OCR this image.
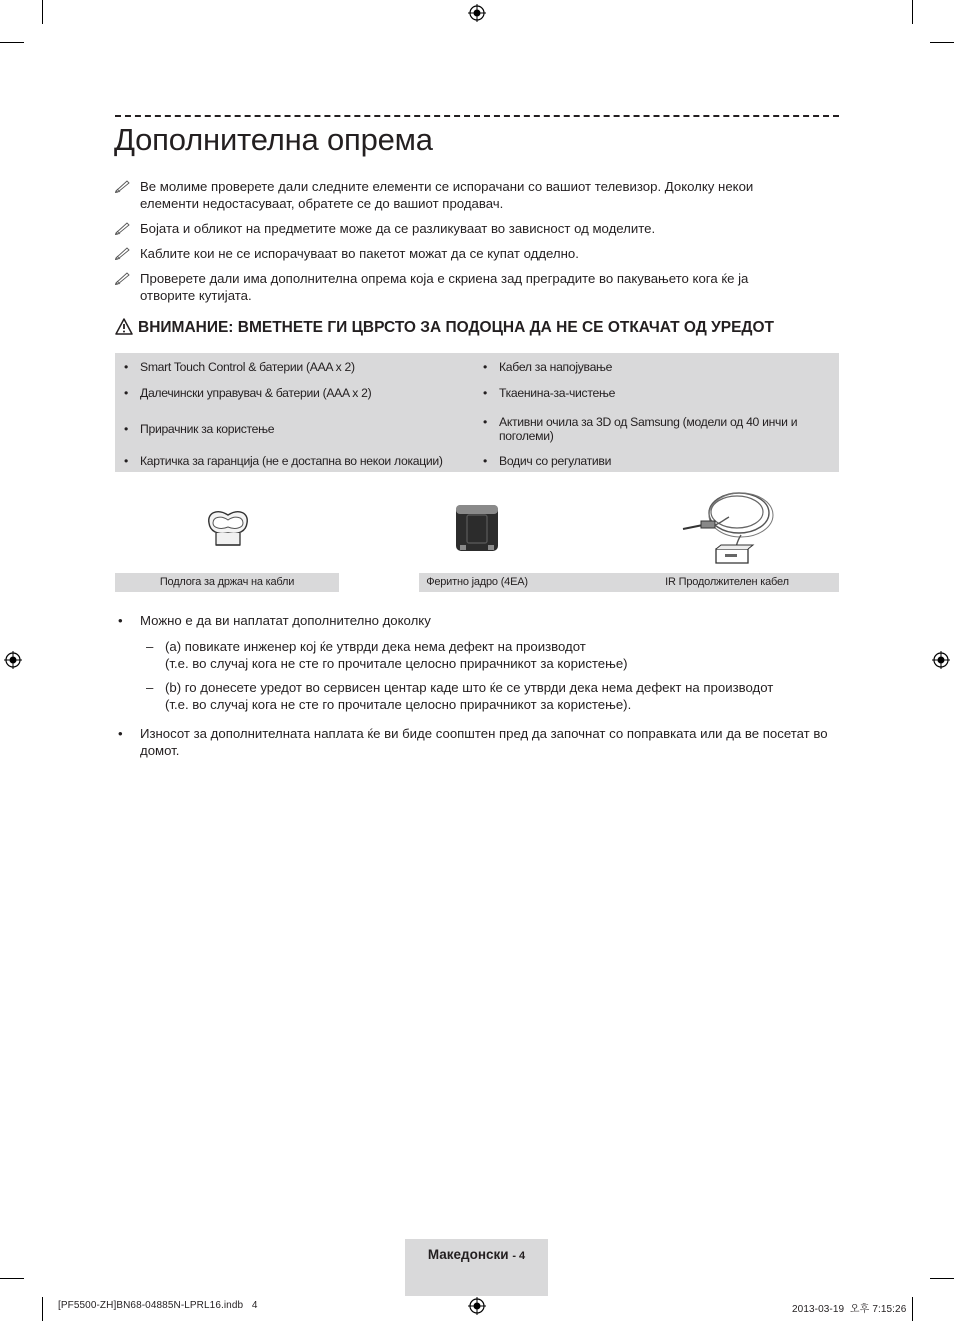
Дополнителна опрема
Ве молиме проверете дали следните елементи се испорачани со вашиот телевизор. Доколку некои елементи недостасуваат, обратете се до вашиот продавач.
Бојата и обликот на предметите може да се разликуваат во зависност од моделите.
Каблите кои не се испорачуваат во пакетот можат да се купат одделно.
Проверете дали има дополнителна опрема која е скриена зад преградите во пакувањето кога ќе ја отворите кутијата.
ВНИМАНИЕ: ВМЕТНЕТЕ ГИ ЦВРСТО ЗА ПОДОЦНА ДА НЕ СЕ ОТКАЧАТ ОД УРЕДОТ
• Smart Touch Control & батерии (AAA x 2)
• Далечински управувач & батерии (AAA x 2)
• Прирачник за користење
• Картичка за гаранција (не е достапна во некои локации)
• Кабел за напојување
• Ткаенина-за-чистење
• Активни очила за 3D од Samsung (модели од 40 инчи и поголеми)
• Водич со регулативи
Подлога за држач на кабли	Феритно јадро (4EA)	IR Продолжителен кабел
• Можно е да ви наплатат дополнително доколку
– (a) повикате инженер кој ќе утврди дека нема дефект на производот
(т.е. во случај кога не сте го прочитале целосно прирачникот за користење)
– (b) го донесете уредот во сервисен центар каде што ќе се утврди дека нема дефект на производот
(т.е. во случај кога не сте го прочитале целосно прирачникот за користење).
• Износот за дополнителната наплата ќе ви биде соопштен пред да започнат со поправката или да ве посетат во домот.
Македонски - 4
[PF5500-ZH]BN68-04885N-LPRL16.indb 4	2013-03-19 오후 7:15:26
